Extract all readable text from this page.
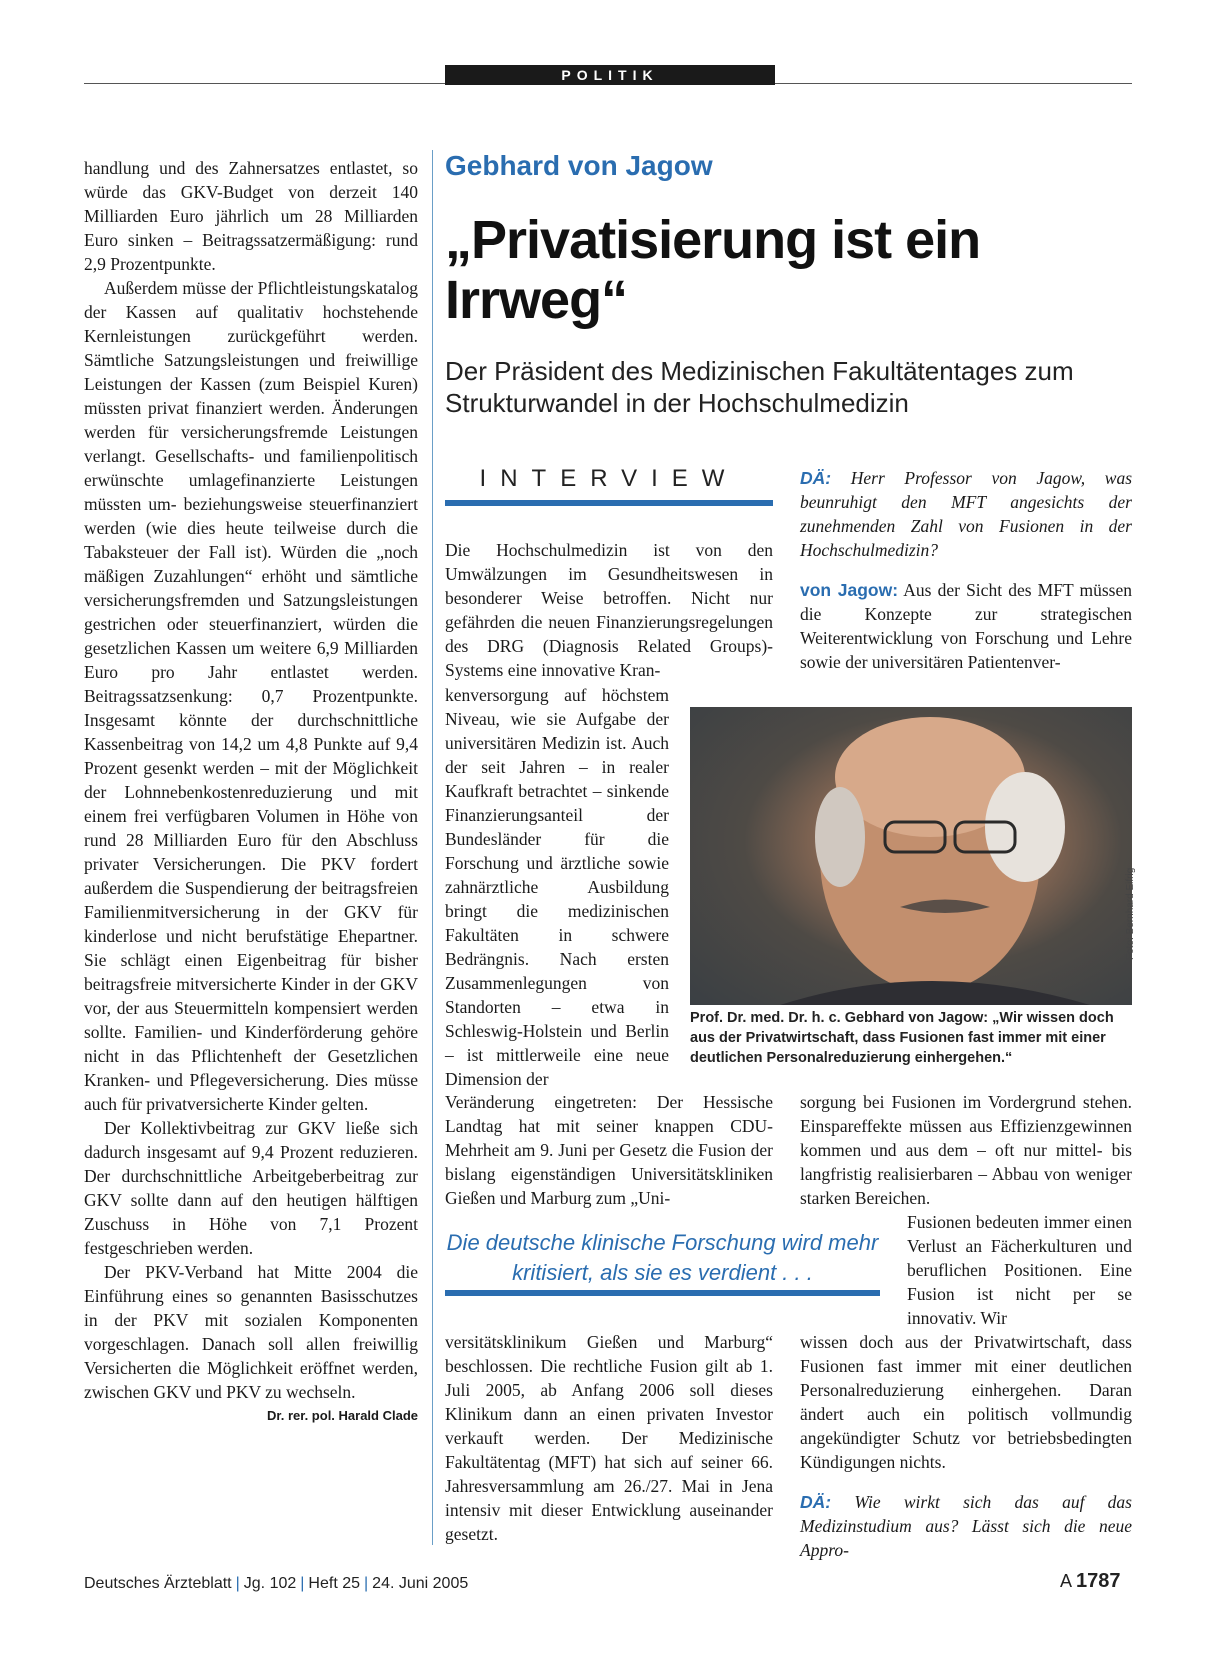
POLITIK

handlung und des Zahnersatzes entlastet, so würde das GKV-Budget von derzeit 140 Milliarden Euro jährlich um 28 Milliarden Euro sinken – Beitragssatzermäßigung: rund 2,9 Prozentpunkte.

Außerdem müsse der Pflichtleistungskatalog der Kassen auf qualitativ hochstehende Kernleistungen zurückgeführt werden. Sämtliche Satzungsleistungen und freiwillige Leistungen der Kassen (zum Beispiel Kuren) müssten privat finanziert werden. Änderungen werden für versicherungsfremde Leistungen verlangt. Gesellschafts- und familienpolitisch erwünschte umlagefinanzierte Leistungen müssten um- beziehungsweise steuerfinanziert werden (wie dies heute teilweise durch die Tabaksteuer der Fall ist). Würden die „noch mäßigen Zuzahlungen“ erhöht und sämtliche versicherungsfremden und Satzungsleistungen gestrichen oder steuerfinanziert, würden die gesetzlichen Kassen um weitere 6,9 Milliarden Euro pro Jahr entlastet werden. Beitragssatzsenkung: 0,7 Prozentpunkte. Insgesamt könnte der durchschnittliche Kassenbeitrag von 14,2 um 4,8 Punkte auf 9,4 Prozent gesenkt werden – mit der Möglichkeit der Lohnnebenkostenreduzierung und mit einem frei verfügbaren Volumen in Höhe von rund 28 Milliarden Euro für den Abschluss privater Versicherungen. Die PKV fordert außerdem die Suspendierung der beitragsfreien Familienmitversicherung in der GKV für kinderlose und nicht berufstätige Ehepartner. Sie schlägt einen Eigenbeitrag für bisher beitragsfreie mitversicherte Kinder in der GKV vor, der aus Steuermitteln kompensiert werden sollte. Familien- und Kinderförderung gehöre nicht in das Pflichtenheft der Gesetzlichen Kranken- und Pflegeversicherung. Dies müsse auch für privatversicherte Kinder gelten.

Der Kollektivbeitrag zur GKV ließe sich dadurch insgesamt auf 9,4 Prozent reduzieren. Der durchschnittliche Arbeitgeberbeitrag zur GKV sollte dann auf den heutigen hälftigen Zuschuss in Höhe von 7,1 Prozent festgeschrieben werden.

Der PKV-Verband hat Mitte 2004 die Einführung eines so genannten Basisschutzes in der PKV mit sozialen Komponenten vorgeschlagen. Danach soll allen freiwillig Versicherten die Möglichkeit eröffnet werden, zwischen GKV und PKV zu wechseln.
Dr. rer. pol. Harald Clade

Gebhard von Jagow
„Privatisierung ist ein Irrweg“
Der Präsident des Medizinischen Fakultätentages zum Strukturwandel in der Hochschulmedizin
INTERVIEW

Die Hochschulmedizin ist von den Umwälzungen im Gesundheitswesen in besonderer Weise betroffen. Nicht nur gefährden die neuen Finanzierungsregelungen des DRG (Diagnosis Related Groups)-Systems eine innovative Kran-

kenversorgung auf höchstem Niveau, wie sie Aufgabe der universitären Medizin ist. Auch der seit Jahren – in realer Kaufkraft betrachtet – sinkende Finanzierungsanteil der Bundesländer für die Forschung und ärztliche sowie zahnärztliche Ausbildung bringt die medizinischen Fakultäten in schwere Bedrängnis. Nach ersten Zusammenlegungen von Standorten – etwa in Schleswig-Holstein und Berlin – ist mittlerweile eine neue Dimension der

Veränderung eingetreten: Der Hessische Landtag hat mit seiner knappen CDU-Mehrheit am 9. Juni per Gesetz die Fusion der bislang eigenständigen Universitätskliniken Gießen und Marburg zum „Uni-

Die deutsche klinische Forschung wird mehr kritisiert, als sie es verdient . . .

versitätsklinikum Gießen und Marburg“ beschlossen. Die rechtliche Fusion gilt ab 1. Juli 2005, ab Anfang 2006 soll dieses Klinikum dann an einen privaten Investor verkauft werden. Der Medizinische Fakultätentag (MFT) hat sich auf seiner 66. Jahresversammlung am 26./27. Mai in Jena intensiv mit dieser Entwicklung auseinander gesetzt.

DÄ: Herr Professor von Jagow, was beunruhigt den MFT angesichts der zunehmenden Zahl von Fusionen in der Hochschulmedizin?

von Jagow: Aus der Sicht des MFT müssen die Konzepte zur strategischen Weiterentwicklung von Forschung und Lehre sowie der universitären Patientenver-

Foto: Bernhard Eifrig
Prof. Dr. med. Dr. h. c. Gebhard von Jagow: „Wir wissen doch aus der Privatwirtschaft, dass Fusionen fast immer mit einer deutlichen Personalreduzierung einhergehen.“

sorgung bei Fusionen im Vordergrund stehen. Einspareffekte müssen aus Effizienzgewinnen kommen und aus dem – oft nur mittel- bis langfristig realisierbaren – Abbau von weniger starken Bereichen.

Fusionen bedeuten immer einen Verlust an Fächerkulturen und beruflichen Positionen. Eine Fusion ist nicht per se innovativ. Wir

wissen doch aus der Privatwirtschaft, dass Fusionen fast immer mit einer deutlichen Personalreduzierung einhergehen. Daran ändert auch ein politisch vollmundig angekündigter Schutz vor betriebsbedingten Kündigungen nichts.

DÄ: Wie wirkt sich das auf das Medizinstudium aus? Lässt sich die neue Appro-

Deutsches Ärzteblatt | Jg. 102 | Heft 25 | 24. Juni 2005	A 1787
